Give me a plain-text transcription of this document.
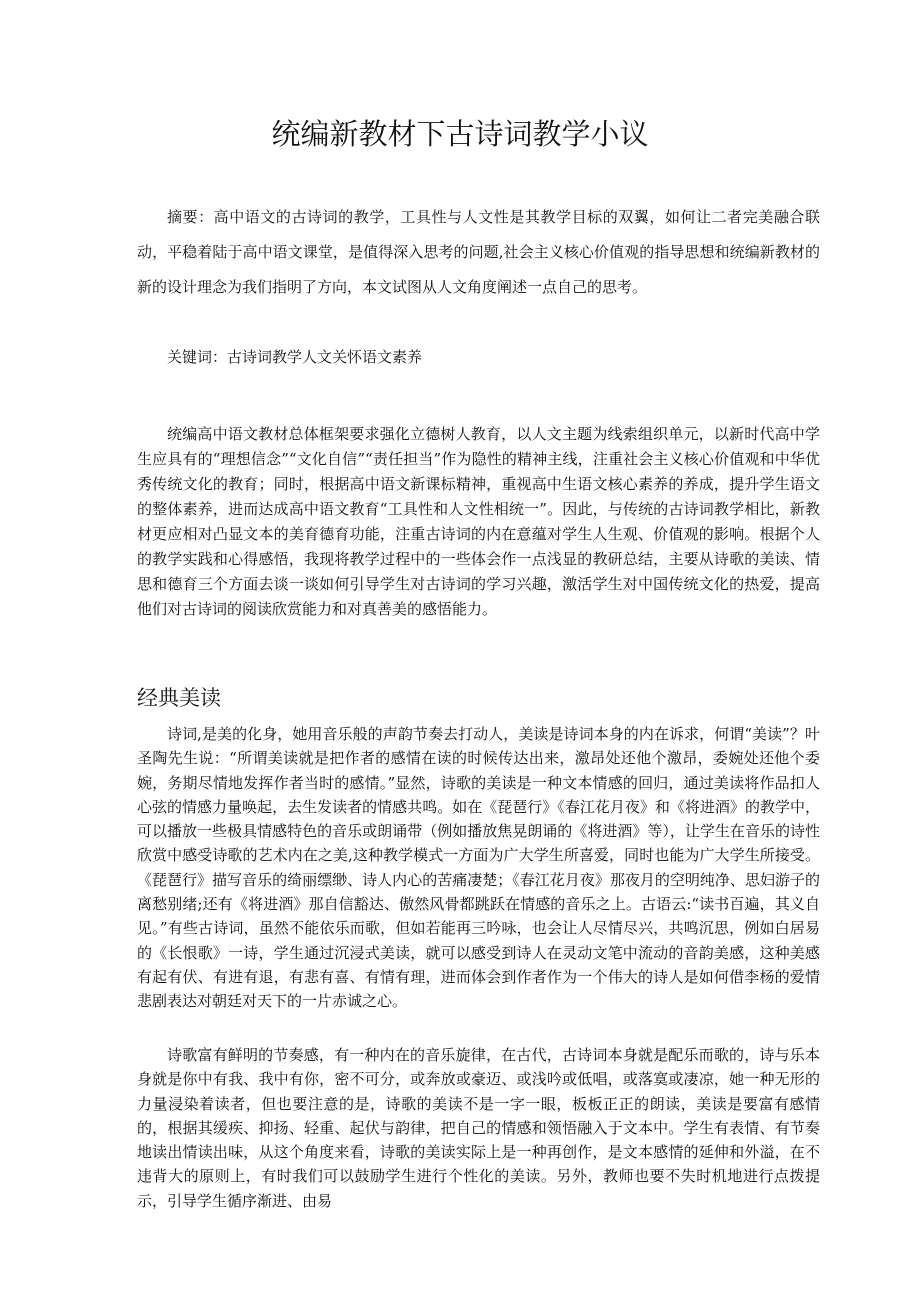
统编新教材下古诗词教学小议

摘要：高中语文的古诗词的教学，工具性与人文性是其教学目标的双翼，如何让二者完美融合联动，平稳着陆于高中语文课堂，是值得深入思考的问题,社会主义核心价值观的指导思想和统编新教材的新的设计理念为我们指明了方向，本文试图从人文角度阐述一点自己的思考。

关键词：古诗词教学人文关怀语文素养

统编高中语文教材总体框架要求强化立德树人教育，以人文主题为线索组织单元，以新时代高中学生应具有的“理想信念”“文化自信”“责任担当”作为隐性的精神主线，注重社会主义核心价值观和中华优秀传统文化的教育；同时，根据高中语文新课标精神，重视高中生语文核心素养的养成，提升学生语文的整体素养，进而达成高中语文教育“工具性和人文性相统一”。因此，与传统的古诗词教学相比，新教材更应相对凸显文本的美育德育功能，注重古诗词的内在意蕴对学生人生观、价值观的影响。根据个人的教学实践和心得感悟，我现将教学过程中的一些体会作一点浅显的教研总结，主要从诗歌的美读、情思和德育三个方面去谈一谈如何引导学生对古诗词的学习兴趣，激活学生对中国传统文化的热爱，提高他们对古诗词的阅读欣赏能力和对真善美的感悟能力。

经典美读

诗词,是美的化身，她用音乐般的声韵节奏去打动人，美读是诗词本身的内在诉求，何谓“美读”？叶圣陶先生说：“所谓美读就是把作者的感情在读的时候传达出来，激昂处还他个激昂，委婉处还他个委婉，务期尽情地发挥作者当时的感情。”显然，诗歌的美读是一种文本情感的回归，通过美读将作品扣人心弦的情感力量唤起，去生发读者的情感共鸣。如在《琵琶行》《春江花月夜》和《将进酒》的教学中，可以播放一些极具情感特色的音乐或朗诵带（例如播放焦晃朗诵的《将进酒》等），让学生在音乐的诗性欣赏中感受诗歌的艺术内在之美,这种教学模式一方面为广大学生所喜爱，同时也能为广大学生所接受。《琵琶行》描写音乐的绮丽缥缈、诗人内心的苦痛凄楚；《春江花月夜》那夜月的空明纯净、思妇游子的离愁别绪;还有《将进酒》那自信豁达、傲然风骨都跳跃在情感的音乐之上。古语云:“读书百遍，其义自见。”有些古诗词，虽然不能依乐而歌，但如若能再三吟咏，也会让人尽情尽兴，共鸣沉思，例如白居易的《长恨歌》一诗，学生通过沉浸式美读，就可以感受到诗人在灵动文笔中流动的音韵美感，这种美感有起有伏、有进有退，有悲有喜、有情有理，进而体会到作者作为一个伟大的诗人是如何借李杨的爱情悲剧表达对朝廷对天下的一片赤诚之心。

诗歌富有鲜明的节奏感，有一种内在的音乐旋律，在古代，古诗词本身就是配乐而歌的，诗与乐本身就是你中有我、我中有你，密不可分，或奔放或豪迈、或浅吟或低唱，或落寞或凄凉，她一种无形的力量浸染着读者，但也要注意的是，诗歌的美读不是一字一眼，板板正正的朗读，美读是要富有感情的，根据其缓疾、抑扬、轻重、起伏与韵律，把自己的情感和领悟融入于文本中。学生有表情、有节奏地读出情读出味，从这个角度来看，诗歌的美读实际上是一种再创作，是文本感情的延伸和外溢，在不违背大的原则上，有时我们可以鼓励学生进行个性化的美读。另外，教师也要不失时机地进行点拨提示，引导学生循序渐进、由易
